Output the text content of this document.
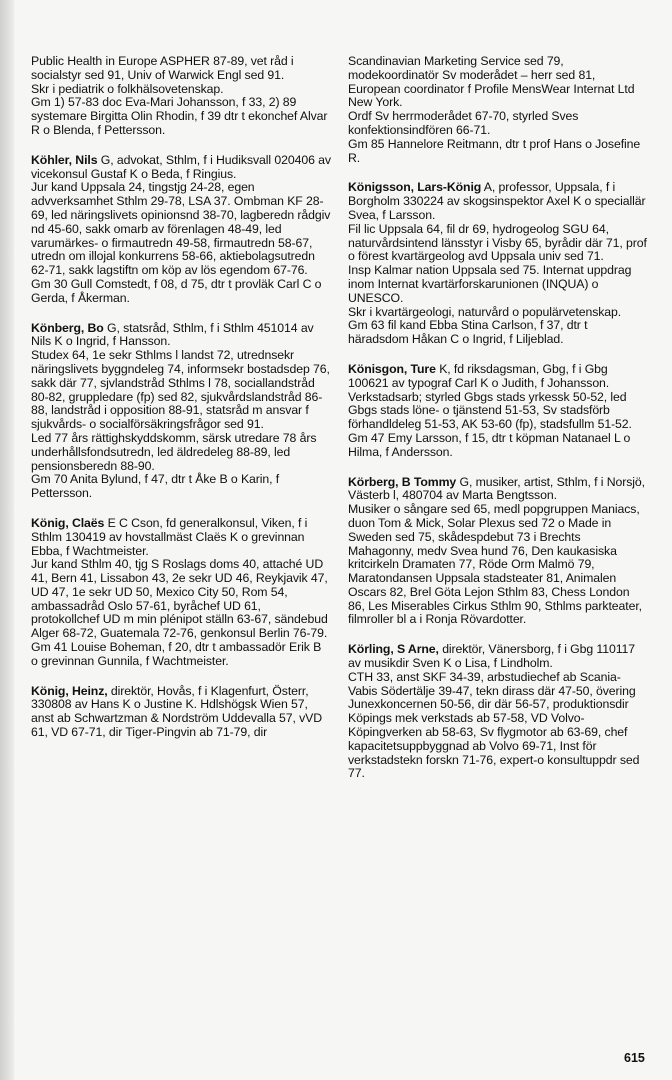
Public Health in Europe ASPHER 87-89, vet råd i socialstyr sed 91, Univ of Warwick Engl sed 91.

Skr i pediatrik o folkhälsovetenskap.

Gm 1) 57-83 doc Eva-Mari Johansson, f 33, 2) 89 systemare Birgitta Olin Rhodin, f 39 dtr t ekonchef Alvar R o Blenda, f Pettersson.

Köhler, Nils G, advokat, Sthlm, f i Hudiksvall 020406 av vicekonsul Gustaf K o Beda, f Ringius.

Jur kand Uppsala 24, tingstjg 24-28, egen advverksamhet Sthlm 29-78, LSA 37. Ombman KF 28-69, led näringslivets opinionsnd 38-70, lagberedn rådgiv nd 45-60, sakk omarb av förenlagen 48-49, led varumärkes- o firmautredn 49-58, firmautredn 58-67, utredn om illojal konkurrens 58-66, aktiebolagsutredn 62-71, sakk lagstiftn om köp av lös egendom 67-76.

Gm 30 Gull Comstedt, f 08, d 75, dtr t provläk Carl C o Gerda, f Åkerman.

Könberg, Bo G, statsråd, Sthlm, f i Sthlm 451014 av Nils K o Ingrid, f Hansson.

Studex 64, 1e sekr Sthlms l landst 72, utrednsekr näringslivets byggndeleg 74, informsekr bostadsdep 76, sakk där 77, sjvlandstråd Sthlms l 78, sociallandstråd 80-82, gruppledare (fp) sed 82, sjukvårdslandstråd 86-88, landstråd i opposition 88-91, statsråd m ansvar f sjukvårds- o socialförsäkringsfrågor sed 91.

Led 77 års rättighskyddskomm, särsk utredare 78 års underhållsfondsutredn, led äldredeleg 88-89, led pensionsberedn 88-90.

Gm 70 Anita Bylund, f 47, dtr t Åke B o Karin, f Pettersson.

König, Claës E C Cson, fd generalkonsul, Viken, f i Sthlm 130419 av hovstallmäst Claës K o grevinnan Ebba, f Wachtmeister.

Jur kand Sthlm 40, tjg S Roslags doms 40, attaché UD 41, Bern 41, Lissabon 43, 2e sekr UD 46, Reykjavik 47, UD 47, 1e sekr UD 50, Mexico City 50, Rom 54, ambassadråd Oslo 57-61, byråchef UD 61, protokollchef UD m min plénipot ställn 63-67, sändebud Alger 68-72, Guatemala 72-76, genkonsul Berlin 76-79.

Gm 41 Louise Boheman, f 20, dtr t ambassadör Erik B o grevinnan Gunnila, f Wachtmeister.

König, Heinz, direktör, Hovås, f i Klagenfurt, Österr, 330808 av Hans K o Justine K. Hdlshögsk Wien 57, anst ab Schwartzman & Nordström Uddevalla 57, vVD 61, VD 67-71, dir Tiger-Pingvin ab 71-79, dir

Scandinavian Marketing Service sed 79, modekoordinatör Sv moderådet – herr sed 81, European coordinator f Profile MensWear Internat Ltd New York.

Ordf Sv herrmoderådet 67-70, styrled Sves konfektionsindfören 66-71.

Gm 85 Hannelore Reitmann, dtr t prof Hans o Josefine R.

Königsson, Lars-König A, professor, Uppsala, f i Borgholm 330224 av skogsinspektor Axel K o speciallär Svea, f Larsson.

Fil lic Uppsala 64, fil dr 69, hydrogeolog SGU 64, naturvårdsintend länsstyr i Visby 65, byrådir där 71, prof o förest kvartärgeolog avd Uppsala univ sed 71.

Insp Kalmar nation Uppsala sed 75. Internat uppdrag inom Internat kvartärforskarunionen (INQUA) o UNESCO.

Skr i kvartärgeologi, naturvård o populärvetenskap.

Gm 63 fil kand Ebba Stina Carlson, f 37, dtr t häradsdom Håkan C o Ingrid, f Liljeblad.

Könisgon, Ture K, fd riksdagsman, Gbg, f i Gbg 100621 av typograf Carl K o Judith, f Johansson.

Verkstadsarb; styrled Gbgs stads yrkessk 50-52, led Gbgs stads löne- o tjänstend 51-53, Sv stadsförb förhandldeleg 51-53, AK 53-60 (fp), stadsfullm 51-52.

Gm 47 Emy Larsson, f 15, dtr t köpman Natanael L o Hilma, f Andersson.

Körberg, B Tommy G, musiker, artist, Sthlm, f i Norsjö, Västerb l, 480704 av Marta Bengtsson.

Musiker o sångare sed 65, medl popgruppen Maniacs, duon Tom & Mick, Solar Plexus sed 72 o Made in Sweden sed 75, skådespdebut 73 i Brechts Mahagonny, medv Svea hund 76, Den kaukasiska kritcirkeln Dramaten 77, Röde Orm Malmö 79, Maratondansen Uppsala stadsteater 81, Animalen Oscars 82, Brel Göta Lejon Sthlm 83, Chess London 86, Les Miserables Cirkus Sthlm 90, Sthlms parkteater, filmroller bl a i Ronja Rövardotter.

Körling, S Arne, direktör, Vänersborg, f i Gbg 110117 av musikdir Sven K o Lisa, f Lindholm.

CTH 33, anst SKF 34-39, arbstudiechef ab Scania-Vabis Södertälje 39-47, tekn dirass där 47-50, övering Junexkoncernen 50-56, dir där 56-57, produktionsdir Köpings mek verkstads ab 57-58, VD Volvo-Köpingverken ab 58-63, Sv flygmotor ab 63-69, chef kapacitetsuppbyggnad ab Volvo 69-71, Inst för verkstadstekn forskn 71-76, expert-o konsultuppdr sed 77.

615
